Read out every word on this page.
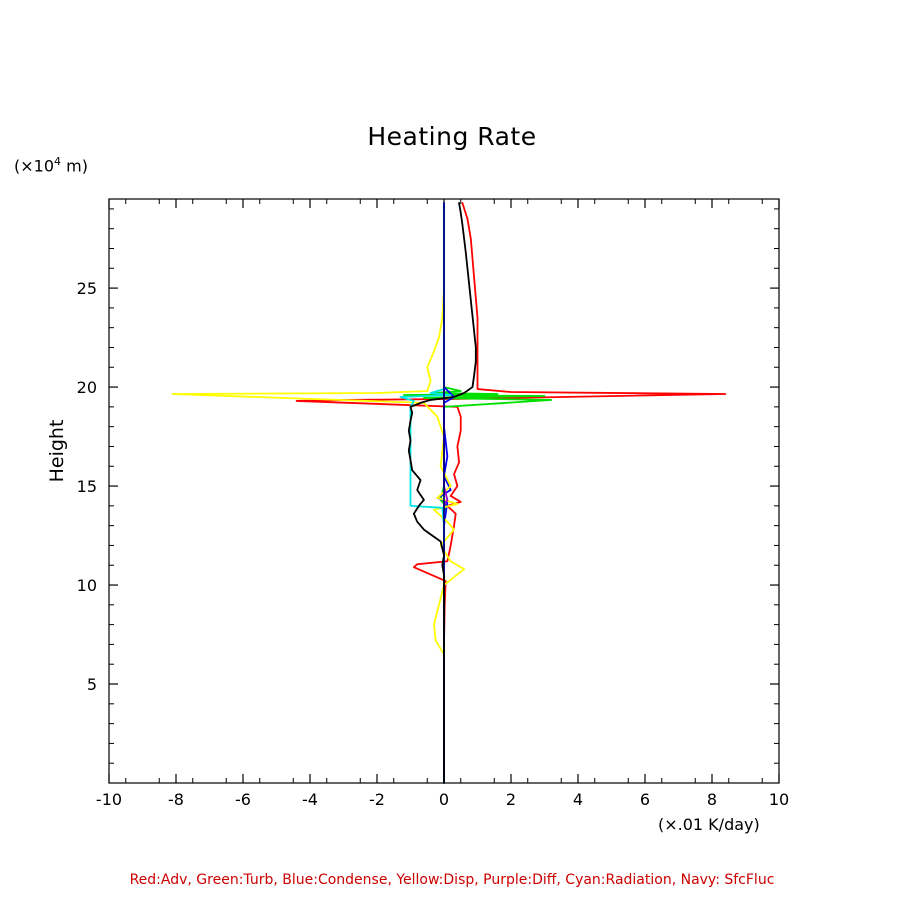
Heating Rate
($\times 10^4$ m)
Height
(×.01 K/day)
-10	-8	-6	-4	-2	0	2	4	6	8	10
5
10
15
20
25
Red:Adv, Green:Turb, Blue:Condense, Yellow:Disp, Purple:Diff, Cyan:Radiation, Navy: SfcFluc
